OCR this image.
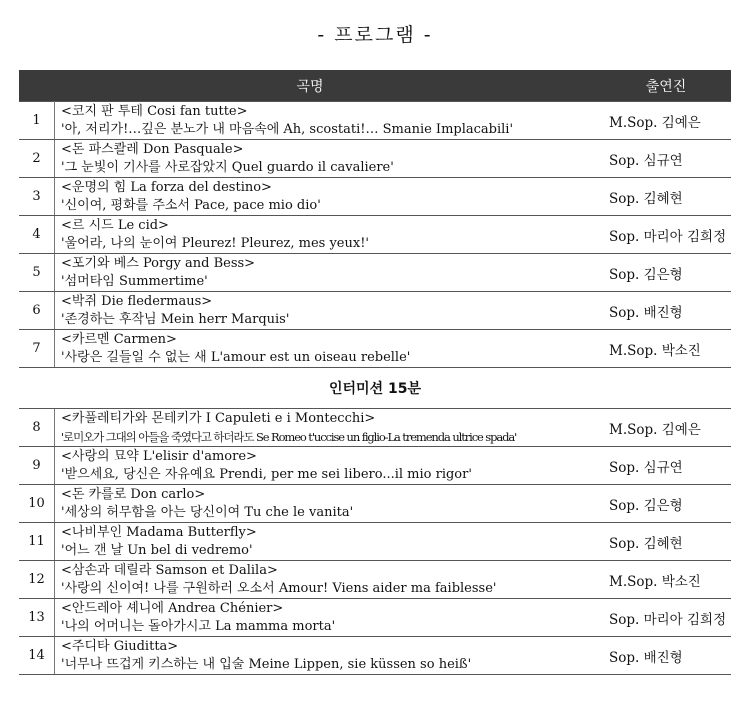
- 프로그램 -
곡명		출연진
1	<코지 판 투테 Cosi fan tutte>
'아, 저리가!…깊은 분노가 내 마음속에 Ah, scostati!… Smanie Implacabili'	M.Sop. 김예은
2	<돈 파스콸레 Don Pasquale>
'그 눈빛이 기사를 사로잡았지 Quel guardo il cavaliere'	Sop. 심규연
3	<운명의 힘 La forza del destino>
'신이여, 평화를 주소서 Pace, pace mio dio'	Sop. 김혜현
4	<르 시드 Le cid>
'울어라, 나의 눈이여 Pleurez! Pleurez, mes yeux!'	Sop. 마리아 김희정
5	<포기와 베스 Porgy and Bess>
'섬머타임 Summertime'	Sop. 김은형
6	<박쥐 Die fledermaus>
'존경하는 후작님 Mein herr Marquis'	Sop. 배진형
7	<카르멘 Carmen>
'사랑은 길들일 수 없는 새 L'amour est un oiseau rebelle'	M.Sop. 박소진
인터미션 15분		
8	<카풀레티가와 몬테키가 I Capuleti e i Montecchi>
'로미오가 그대의 아들을 죽였다고 하더라도 Se Romeo t'uccise un figlio-La tremenda ultrice spada'	M.Sop. 김예은
9	<사랑의 묘약 L'elisir d'amore>
'받으세요, 당신은 자유예요 Prendi, per me sei libero...il mio rigor'	Sop. 심규연
10	<돈 카를로 Don carlo>
'세상의 허무함을 아는 당신이여 Tu che le vanita'	Sop. 김은형
11	<나비부인 Madama Butterfly>
'어느 갠 날 Un bel di vedremo'	Sop. 김혜현
12	<삼손과 데릴라 Samson et Dalila>
'사랑의 신이여! 나를 구원하러 오소서 Amour! Viens aider ma faiblesse'	M.Sop. 박소진
13	<안드레아 셰니에 Andrea Chénier>
'나의 어머니는 돌아가시고 La mamma morta'	Sop. 마리아 김희정
14	<주디타 Giuditta>
'너무나 뜨겁게 키스하는 내 입술 Meine Lippen, sie küssen so heiß'	Sop. 배진형
